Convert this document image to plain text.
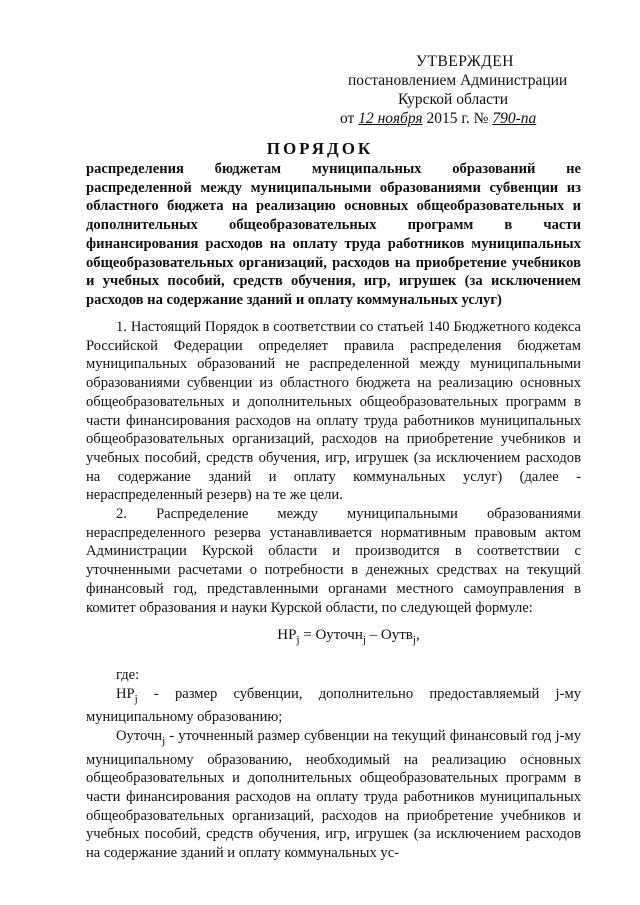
УТВЕРЖДЕН
постановлением Администрации
Курской области
от 12 ноября 2015 г. № 790-па
ПОРЯДОК
распределения бюджетам муниципальных образований не распределенной между муниципальными образованиями субвенции из областного бюджета на реализацию основных общеобразовательных и дополнительных общеобразовательных программ в части финансирования расходов на оплату труда работников муниципальных общеобразовательных организаций, расходов на приобретение учебников и учебных пособий, средств обучения, игр, игрушек (за исключением расходов на содержание зданий и оплату коммунальных услуг)

1. Настоящий Порядок в соответствии со статьей 140 Бюджетного кодекса Российской Федерации определяет правила распределения бюджетам муниципальных образований не распределенной между муниципальными образованиями субвенции из областного бюджета на реализацию основных общеобразовательных и дополнительных общеобразовательных программ в части финансирования расходов на оплату труда работников муниципальных общеобразовательных организаций, расходов на приобретение учебников и учебных пособий, средств обучения, игр, игрушек (за исключением расходов на содержание зданий и оплату коммунальных услуг) (далее - нераспределенный резерв) на те же цели.

2. Распределение между муниципальными образованиями нераспределенного резерва устанавливается нормативным правовым актом Администрации Курской области и производится в соответствии с уточненными расчетами о потребности в денежных средствах на текущий финансовый год, представленными органами местного самоуправления в комитет образования и науки Курской области, по следующей формуле:

$НР_j$ = Оуточн$_j$ – Оутв$_j$,

где:

$НР_j$ - размер субвенции, дополнительно предоставляемый j-му муниципальному образованию;

Оуточн$_j$ - уточненный размер субвенции на текущий финансовый год j-му муниципальному образованию, необходимый на реализацию основных общеобразовательных и дополнительных общеобразовательных программ в части финансирования расходов на оплату труда работников муниципальных общеобразовательных организаций, расходов на приобретение учебников и учебных пособий, средств обучения, игр, игрушек (за исключением расходов на содержание зданий и оплату коммунальных ус-
